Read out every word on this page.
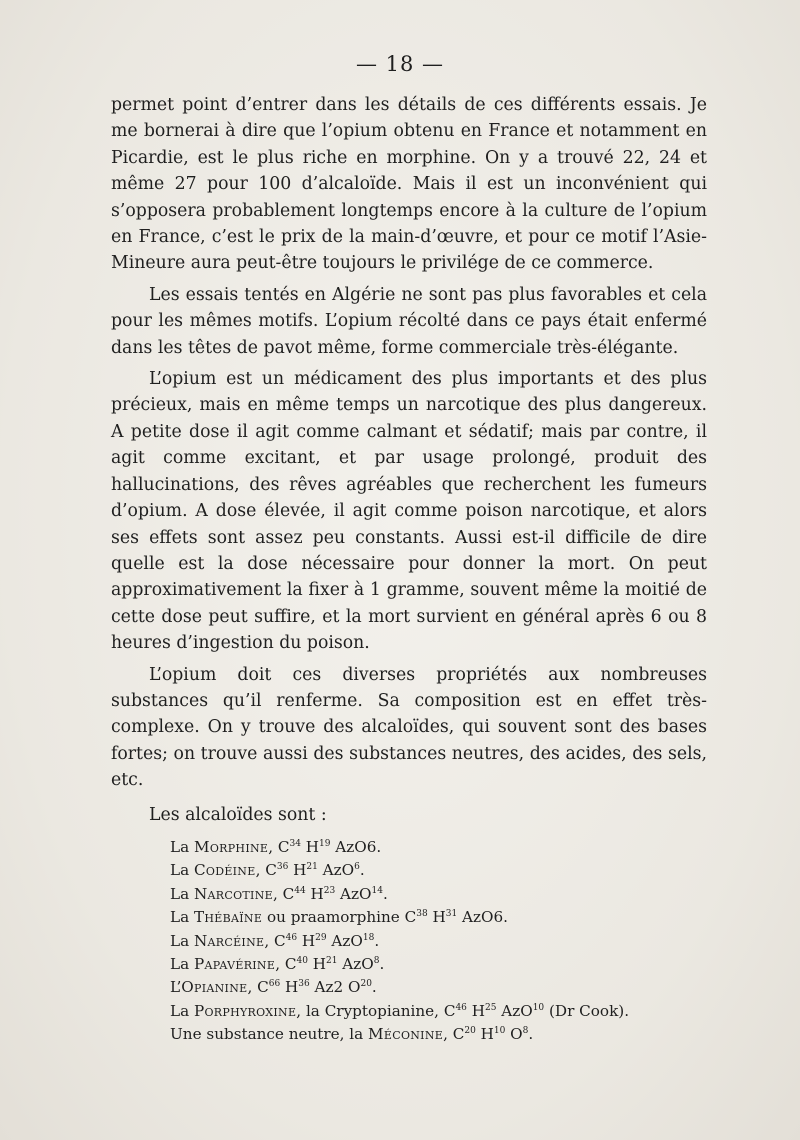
— 18 —

permet point d’entrer dans les détails de ces différents essais. Je me bornerai à dire que l’opium obtenu en France et notamment en Picardie, est le plus riche en morphine. On y a trouvé 22, 24 et même 27 pour 100 d’alcaloïde. Mais il est un inconvénient qui s’opposera probablement longtemps encore à la culture de l’opium en France, c’est le prix de la main-d’œuvre, et pour ce motif l’Asie-Mineure aura peut-être toujours le privilége de ce commerce.

Les essais tentés en Algérie ne sont pas plus favorables et cela pour les mêmes motifs. L’opium récolté dans ce pays était enfermé dans les têtes de pavot même, forme commerciale très-élégante.

L’opium est un médicament des plus importants et des plus précieux, mais en même temps un narcotique des plus dangereux. A petite dose il agit comme calmant et sédatif; mais par contre, il agit comme excitant, et par usage prolongé, produit des hallucinations, des rêves agréables que recherchent les fumeurs d’opium. A dose élevée, il agit comme poison narcotique, et alors ses effets sont assez peu constants. Aussi est-il difficile de dire quelle est la dose nécessaire pour donner la mort. On peut approximativement la fixer à 1 gramme, souvent même la moitié de cette dose peut suffire, et la mort survient en général après 6 ou 8 heures d’ingestion du poison.

L’opium doit ces diverses propriétés aux nombreuses substances qu’il renferme. Sa composition est en effet très-complexe. On y trouve des alcaloïdes, qui souvent sont des bases fortes; on trouve aussi des substances neutres, des acides, des sels, etc.

Les alcaloïdes sont :

La Morphine, $C^{34}$ $H^{19}$ AzO6.
La Codéine, $C^{36}$ $H^{21}$ AzO$^6$.
La Narcotine, $C^{44}$ $H^{23}$ AzO$^{14}$.
La Thébaïne ou praamorphine $C^{38}$ $H^{31}$ AzO6.
La Narcéine, $C^{46}$ $H^{29}$ AzO$^{18}$.
La Papavérine, $C^{40}$ $H^{21}$ AzO$^8$.
L’Opianine, $C^{66}$ $H^{36}$ Az2 $O^{20}$.
La Porphyroxine, la Cryptopianine, $C^{46}$ $H^{25}$ AzO$^{10}$ (Dr Cook).
Une substance neutre, la Méconine, $C^{20}$ $H^{10}$ $O^8$.
